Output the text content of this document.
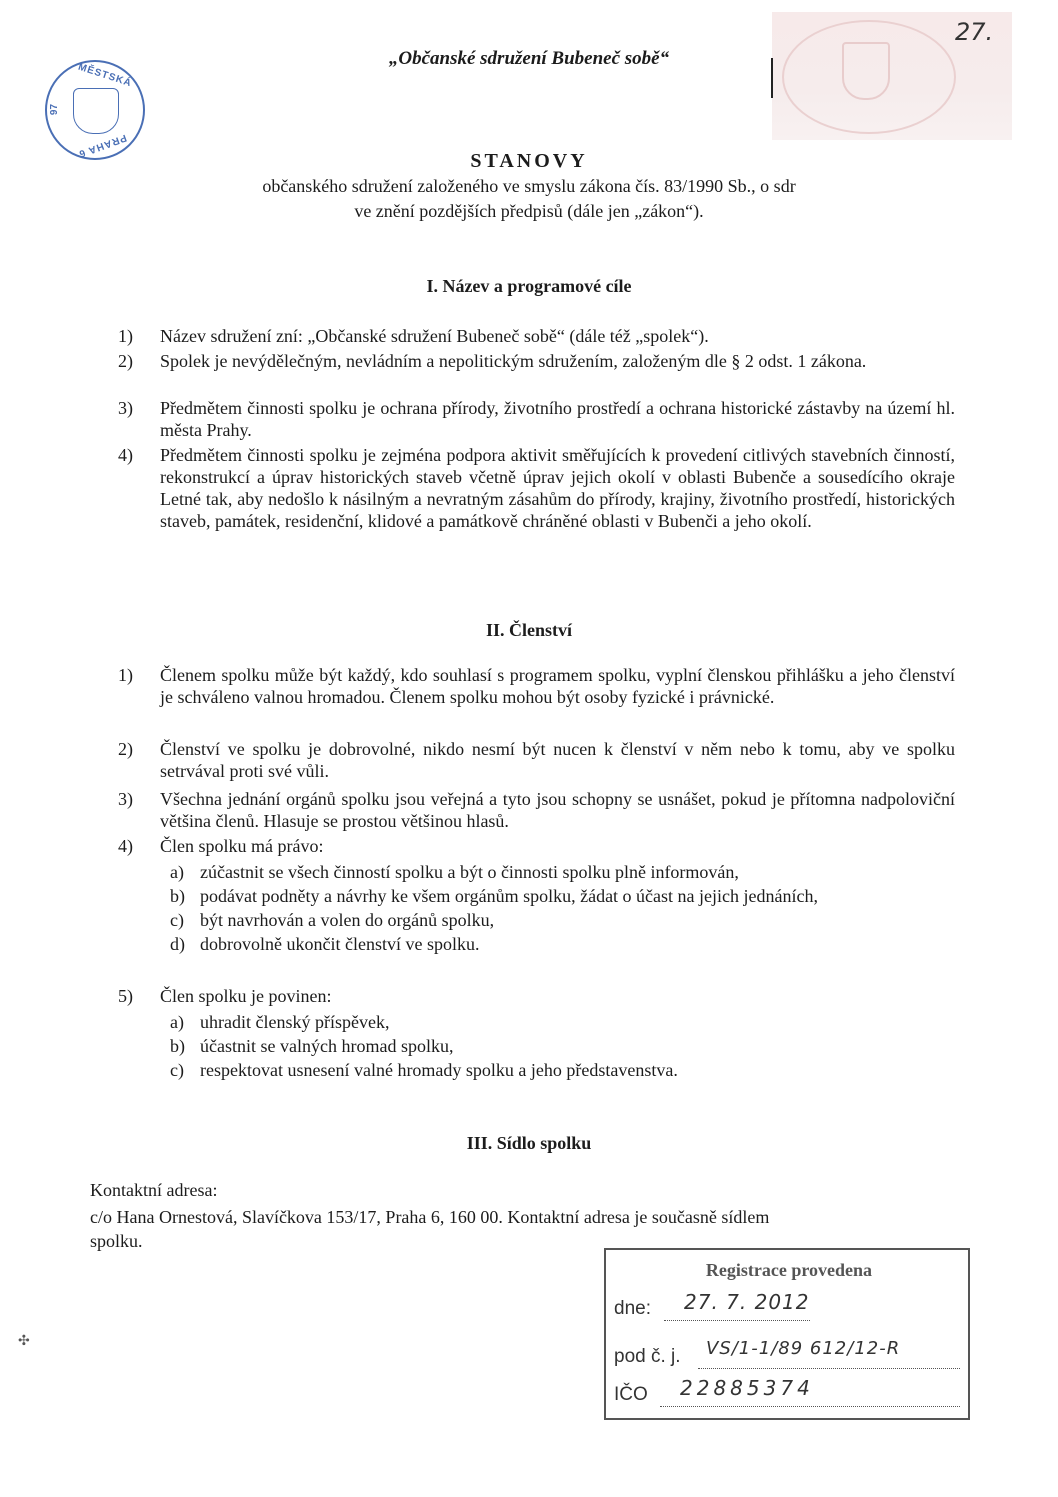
27.
MĚSTSKÁ
97
PRAHA 6
„Občanské sdružení Bubeneč sobě“
STANOVY
občanského sdružení založeného ve smyslu zákona čís. 83/1990 Sb., o sdr
ve znění pozdějších předpisů (dále jen „zákon“).
I. Název a programové cíle
1)	Název sdružení zní: „Občanské sdružení Bubeneč sobě“ (dále též „spolek“).
2)	Spolek je nevýdělečným, nevládním a nepolitickým sdružením, založeným dle § 2 odst. 1 zákona.
3)	Předmětem činnosti spolku je ochrana přírody, životního prostředí a ochrana historické zástavby na území hl. města Prahy.
4)	Předmětem činnosti spolku je zejména podpora aktivit směřujících k provedení citlivých stavebních činností, rekonstrukcí a úprav historických staveb včetně úprav jejich okolí v oblasti Bubenče a sousedícího okraje Letné tak, aby nedošlo k násilným a nevratným zásahům do přírody, krajiny, životního prostředí, historických staveb, památek, residenční, klidové a památkově chráněné oblasti v Bubenči a jeho okolí.
II. Členství
1)	Členem spolku může být každý, kdo souhlasí s programem spolku, vyplní členskou přihlášku a jeho členství je schváleno valnou hromadou. Členem spolku mohou být osoby fyzické i právnické.
2)	Členství ve spolku je dobrovolné, nikdo nesmí být nucen k členství v něm nebo k tomu, aby ve spolku setrvával proti své vůli.
3)	Všechna jednání orgánů spolku jsou veřejná a tyto jsou schopny se usnášet, pokud je přítomna nadpoloviční většina členů. Hlasuje se prostou většinou hlasů.
4)	Člen spolku má právo:
a) zúčastnit se všech činností spolku a být o činnosti spolku plně informován,
b) podávat podněty a návrhy ke všem orgánům spolku, žádat o účast na jejich jednáních,
c) být navrhován a volen do orgánů spolku,
d) dobrovolně ukončit členství ve spolku.
5)	Člen spolku je povinen:
a) uhradit členský příspěvek,
b) účastnit se valných hromad spolku,
c) respektovat usnesení valné hromady spolku a jeho představenstva.
III. Sídlo spolku
Kontaktní adresa:
c/o Hana Ornestová, Slavíčkova 153/17, Praha 6, 160 00. Kontaktní adresa je současně sídlem
spolku.
Registrace provedena
dne: 27. 7. 2012
pod č. j. VS/1-1/89 612/12-R
IČO 22885374
✣
